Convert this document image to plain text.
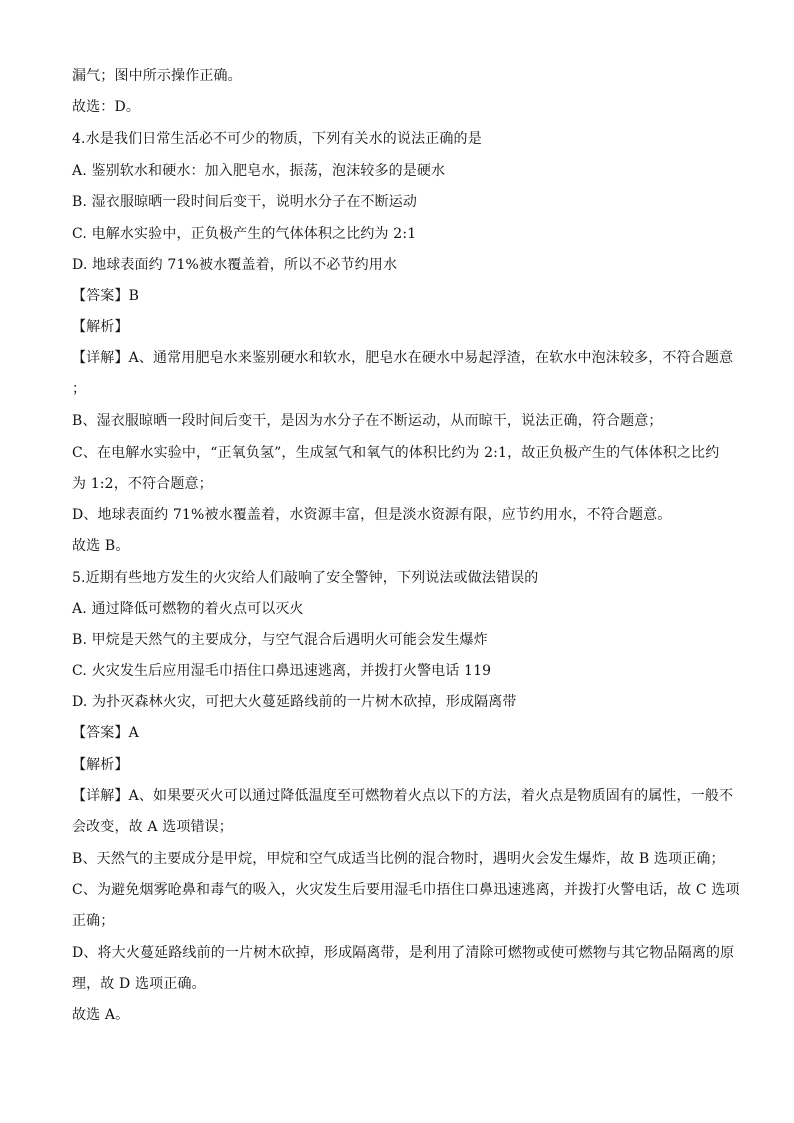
漏气；图中所示操作正确。
故选：D。
4.水是我们日常生活必不可少的物质，下列有关水的说法正确的是
A. 鉴别软水和硬水：加入肥皂水，振荡，泡沫较多的是硬水
B. 湿衣服晾晒一段时间后变干，说明水分子在不断运动
C. 电解水实验中，正负极产生的气体体积之比约为 2:1
D. 地球表面约 71%被水覆盖着，所以不必节约用水
【答案】B
【解析】
【详解】A、通常用肥皂水来鉴别硬水和软水，肥皂水在硬水中易起浮渣，在软水中泡沫较多，不符合题意
；
B、湿衣服晾晒一段时间后变干，是因为水分子在不断运动，从而晾干，说法正确，符合题意；
C、在电解水实验中，“正氧负氢”，生成氢气和氧气的体积比约为 2:1，故正负极产生的气体体积之比约
为 1:2，不符合题意；
D、地球表面约 71%被水覆盖着，水资源丰富，但是淡水资源有限，应节约用水，不符合题意。
故选 B。
5.近期有些地方发生的火灾给人们敲响了安全警钟，下列说法或做法错误的
A. 通过降低可燃物的着火点可以灭火
B. 甲烷是天然气的主要成分，与空气混合后遇明火可能会发生爆炸
C. 火灾发生后应用湿毛巾捂住口鼻迅速逃离，并拨打火警电话 119
D. 为扑灭森林火灾，可把大火蔓延路线前的一片树木砍掉，形成隔离带
【答案】A
【解析】
【详解】A、如果要灭火可以通过降低温度至可燃物着火点以下的方法，着火点是物质固有的属性，一般不
会改变，故 A 选项错误；
B、天然气的主要成分是甲烷，甲烷和空气成适当比例的混合物时，遇明火会发生爆炸，故 B 选项正确；
C、为避免烟雾呛鼻和毒气的吸入，火灾发生后要用湿毛巾捂住口鼻迅速逃离，并拨打火警电话，故 C 选项
正确；
D、将大火蔓延路线前的一片树木砍掉，形成隔离带，是利用了清除可燃物或使可燃物与其它物品隔离的原
理，故 D 选项正确。
故选 A。
